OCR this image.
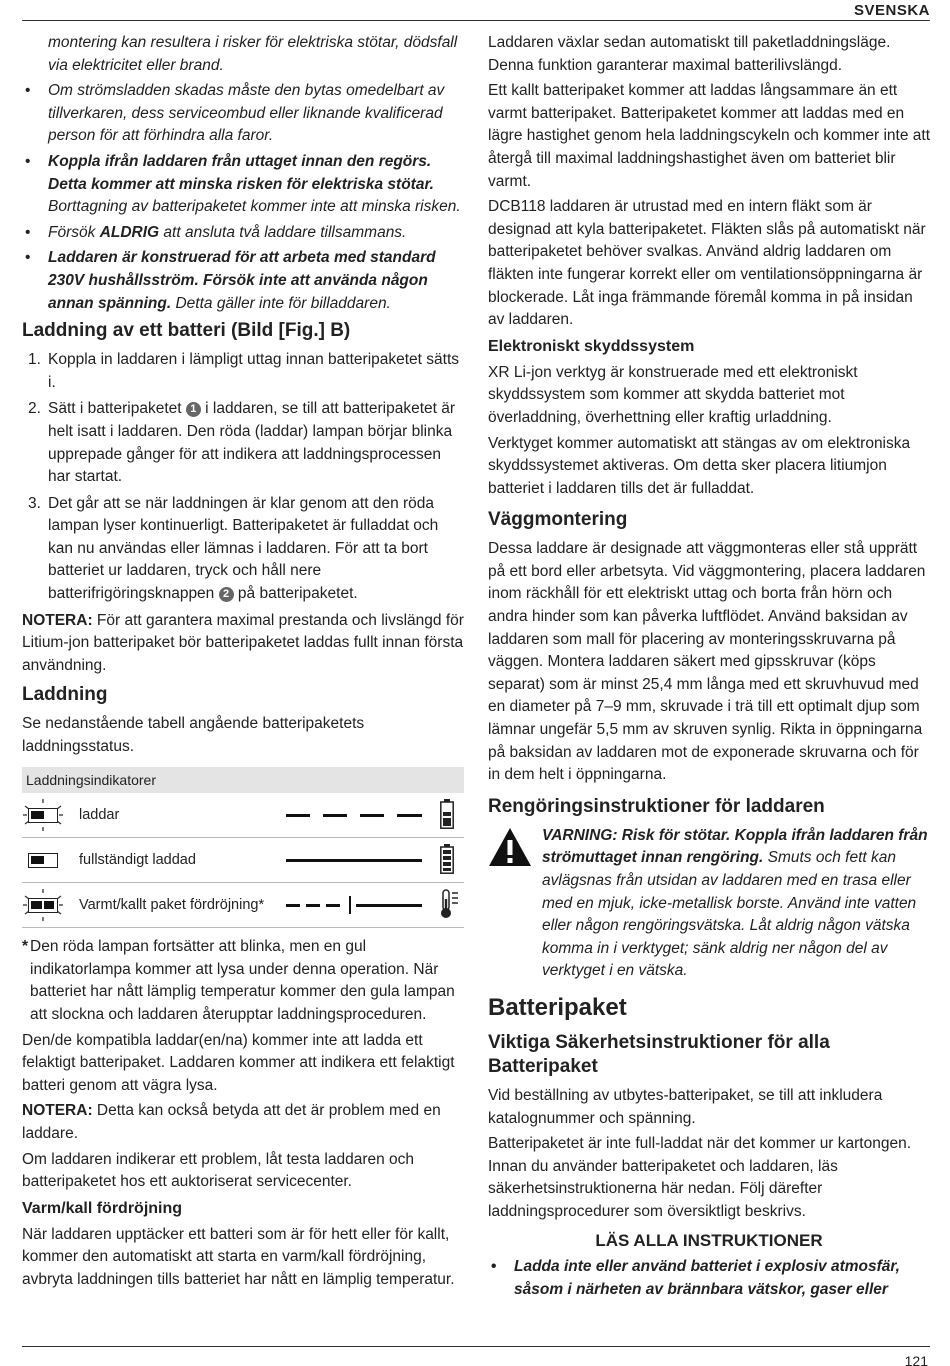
SVENSKA

montering kan resultera i risker för elektriska stötar, dödsfall via elektricitet eller brand.

• Om strömsladden skadas måste den bytas omedelbart av tillverkaren, dess serviceombud eller liknande kvalificerad person för att förhindra alla faror.
• Koppla ifrån laddaren från uttaget innan den regörs. Detta kommer att minska risken för elektriska stötar. Borttagning av batteripaketet kommer inte att minska risken.
• Försök ALDRIG att ansluta två laddare tillsammans.
• Laddaren är konstruerad för att arbeta med standard 230V hushållsström. Försök inte att använda någon annan spänning. Detta gäller inte för billaddaren.
Laddning av ett batteri (Bild [Fig.] B)
1. Koppla in laddaren i lämpligt uttag innan batteripaketet sätts i.
2. Sätt i batteripaketet 1 i laddaren, se till att batteripaketet är helt isatt i laddaren. Den röda (laddar) lampan börjar blinka upprepade gånger för att indikera att laddningsprocessen har startat.
3. Det går att se när laddningen är klar genom att den röda lampan lyser kontinuerligt. Batteripaketet är fulladdat och kan nu användas eller lämnas i laddaren. För att ta bort batteriet ur laddaren, tryck och håll nere batterifrigöringsknappen 2 på batteripaketet.

NOTERA: För att garantera maximal prestanda och livslängd för Litium-jon batteripaket bör batteripaketet laddas fullt innan första användning.

Laddning

Se nedanstående tabell angående batteripaketets laddningsstatus.

Laddningsindikatorer
laddar
fullständigt laddad
Varmt/kallt paket fördröjning*

* Den röda lampan fortsätter att blinka, men en gul indikatorlampa kommer att lysa under denna operation. När batteriet har nått lämplig temperatur kommer den gula lampan att slockna och laddaren återupptar laddningsproceduren.

Den/de kompatibla laddar(en/na) kommer inte att ladda ett felaktigt batteripaket. Laddaren kommer att indikera ett felaktigt batteri genom att vägra lysa.

NOTERA: Detta kan också betyda att det är problem med en laddare.

Om laddaren indikerar ett problem, låt testa laddaren och batteripaketet hos ett auktoriserat servicecenter.

Varm/kall fördröjning

När laddaren upptäcker ett batteri som är för hett eller för kallt, kommer den automatiskt att starta en varm/kall fördröjning, avbryta laddningen tills batteriet har nått en lämplig temperatur.

Laddaren växlar sedan automatiskt till paketladdningsläge. Denna funktion garanterar maximal batterilivslängd.

Ett kallt batteripaket kommer att laddas långsammare än ett varmt batteripaket. Batteripaketet kommer att laddas med en lägre hastighet genom hela laddningscykeln och kommer inte att återgå till maximal laddningshastighet även om batteriet blir varmt.

DCB118 laddaren är utrustad med en intern fläkt som är designad att kyla batteripaketet. Fläkten slås på automatiskt när batteripaketet behöver svalkas. Använd aldrig laddaren om fläkten inte fungerar korrekt eller om ventilationsöppningarna är blockerade. Låt inga främmande föremål komma in på insidan av laddaren.

Elektroniskt skyddssystem

XR Li-jon verktyg är konstruerade med ett elektroniskt skyddssystem som kommer att skydda batteriet mot överladdning, överhettning eller kraftig urladdning.

Verktyget kommer automatiskt att stängas av om elektroniska skyddssystemet aktiveras. Om detta sker placera litiumjon batteriet i laddaren tills det är fulladdat.

Väggmontering

Dessa laddare är designade att väggmonteras eller stå upprätt på ett bord eller arbetsyta. Vid väggmontering, placera laddaren inom räckhåll för ett elektriskt uttag och borta från hörn och andra hinder som kan påverka luftflödet. Använd baksidan av laddaren som mall för placering av monteringsskruvarna på väggen. Montera laddaren säkert med gipsskruvar (köps separat) som är minst 25,4 mm långa med ett skruvhuvud med en diameter på 7–9 mm, skruvade i trä till ett optimalt djup som lämnar ungefär 5,5 mm av skruven synlig. Rikta in öppningarna på baksidan av laddaren mot de exponerade skruvarna och för in dem helt i öppningarna.

Rengöringsinstruktioner för laddaren
VARNING: Risk för stötar. Koppla ifrån laddaren från strömuttaget innan rengöring. Smuts och fett kan avlägsnas från utsidan av laddaren med en trasa eller med en mjuk, icke-metallisk borste. Använd inte vatten eller någon rengöringsvätska. Låt aldrig någon vätska komma in i verktyget; sänk aldrig ner någon del av verktyget i en vätska.
Batteripaket
Viktiga Säkerhetsinstruktioner för alla Batteripaket

Vid beställning av utbytes-batteripaket, se till att inkludera katalognummer och spänning.

Batteripaketet är inte full-laddat när det kommer ur kartongen. Innan du använder batteripaketet och laddaren, läs säkerhetsinstruktionerna här nedan. Följ därefter laddningsprocedurer som översiktligt beskrivs.

LÄS ALLA INSTRUKTIONER
• Ladda inte eller använd batteriet i explosiv atmosfär, såsom i närheten av brännbara vätskor, gaser eller
121
